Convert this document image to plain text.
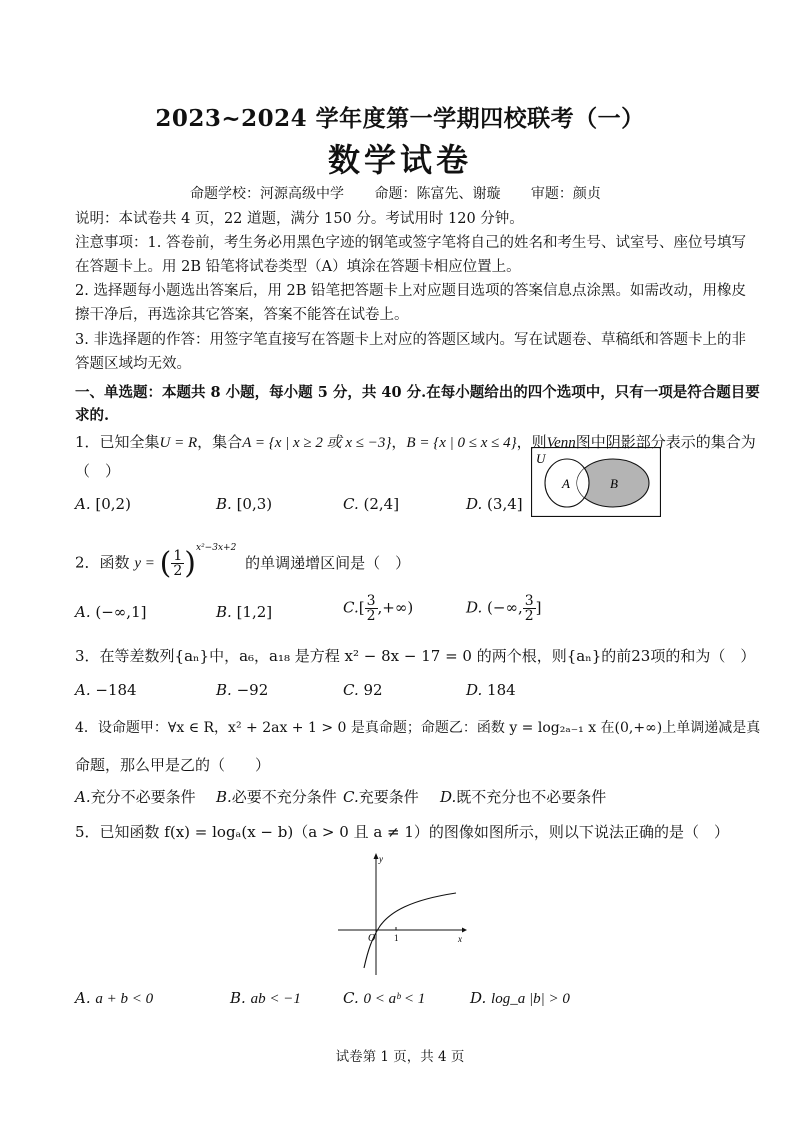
2023~2024 学年度第一学期四校联考（一）
数学试卷
命题学校：河源高级中学 命题：陈富先、谢璇 审题：颜贞
说明：本试卷共 4 页，22 道题，满分 150 分。考试用时 120 分钟。
注意事项：1. 答卷前，考生务必用黑色字迹的钢笔或签字笔将自己的姓名和考生号、试室号、座位号填写
在答题卡上。用 2B 铅笔将试卷类型（A）填涂在答题卡相应位置上。
2. 选择题每小题选出答案后，用 2B 铅笔把答题卡上对应题目选项的答案信息点涂黑。如需改动，用橡皮
擦干净后，再选涂其它答案，答案不能答在试卷上。
3. 非选择题的作答：用签字笔直接写在答题卡上对应的答题区域内。写在试题卷、草稿纸和答题卡上的非
答题区域均无效。
一、单选题：本题共 8 小题，每小题 5 分，共 40 分.在每小题给出的四个选项中，只有一项是符合题目要
求的.
1．已知全集U = R，集合A = {x | x ≥ 2 或 x ≤ −3}，B = {x | 0 ≤ x ≤ 4}，则Venn图中阴影部分表示的集合为
（　）
U
A	B
A. [0,2)	B. [0,3)	C. (2,4]	D. (3,4]
2．函数 y = ( $\frac{1}{2} )^{x^2-3x+2}$ 的单调递增区间是（　）
A. (−∞,1]	B. [1,2]	$C.[ \frac{3}{2}$ ,+∞)	D. (−∞, $\frac{3}{2}$ ]
3．在等差数列{aₙ}中，a₆，a₁₈ 是方程 x² − 8x − 17 = 0 的两个根，则{aₙ}的前23项的和为（　）
A. −184	B. −92	C. 92	D. 184
4．设命题甲：∀x ∈ R，x² + 2ax + 1 > 0 是真命题；命题乙：函数 y = log₂ₐ₋₁ x 在(0,+∞)上单调递减是真
命题，那么甲是乙的（　　）
A.充分不必要条件 B.必要不充分条件 C.充要条件 D.既不充分也不必要条件
5．已知函数 f(x) = logₐ(x − b)（a > 0 且 a ≠ 1）的图像如图所示，则以下说法正确的是（　）
y
x
O 1
A. a + b < 0	B. ab < −1	C. 0 < aᵇ < 1	D. log_a |b| > 0
试卷第 1 页，共 4 页
